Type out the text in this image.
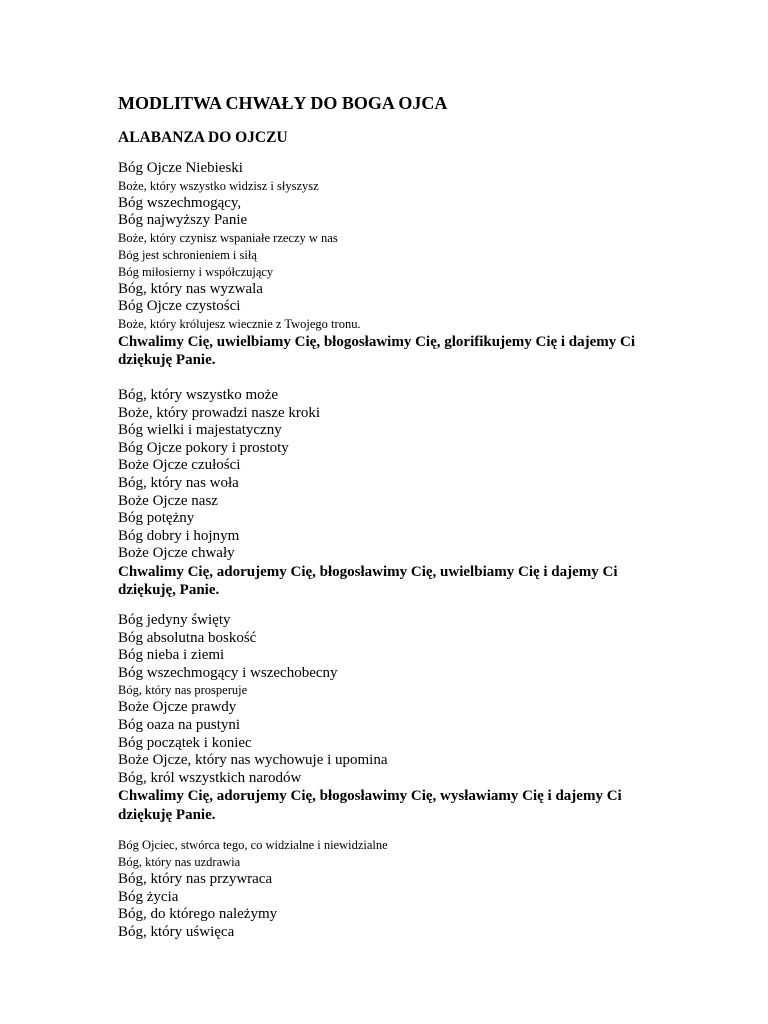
MODLITWA CHWAŁY DO BOGA OJCA
ALABANZA DO OJCZU
Bóg Ojcze Niebieski
Boże, który wszystko widzisz i słyszysz
Bóg wszechmogący,
Bóg najwyższy Panie
Boże, który czynisz wspaniałe rzeczy w nas
Bóg jest schronieniem i siłą
Bóg miłosierny i współczujący
Bóg, który nas wyzwala
Bóg Ojcze czystości
Boże, który królujesz wiecznie z Twojego tronu.
Chwalimy Cię, uwielbiamy Cię, błogosławimy Cię, glorifikujemy Cię i dajemy Ci dziękuję Panie.
Bóg, który wszystko może
Boże, który prowadzi nasze kroki
Bóg wielki i majestatyczny
Bóg Ojcze pokory i prostoty
Boże Ojcze czułości
Bóg, który nas woła
Boże Ojcze nasz
Bóg potężny
Bóg dobry i hojnym
Boże Ojcze chwały
Chwalimy Cię, adorujemy Cię, błogosławimy Cię, uwielbiamy Cię i dajemy Ci dziękuję, Panie.
Bóg jedyny święty
Bóg absolutna boskość
Bóg nieba i ziemi
Bóg wszechmogący i wszechobecny
Bóg, który nas prosperuje
Boże Ojcze prawdy
Bóg oaza na pustyni
Bóg początek i koniec
Boże Ojcze, który nas wychowuje i upomina
Bóg, król wszystkich narodów
Chwalimy Cię, adorujemy Cię, błogosławimy Cię, wysławiamy Cię i dajemy Ci dziękuję Panie.
Bóg Ojciec, stwórca tego, co widzialne i niewidzialne
Bóg, który nas uzdrawia
Bóg, który nas przywraca
Bóg życia
Bóg, do którego należymy
Bóg, który uświęca
